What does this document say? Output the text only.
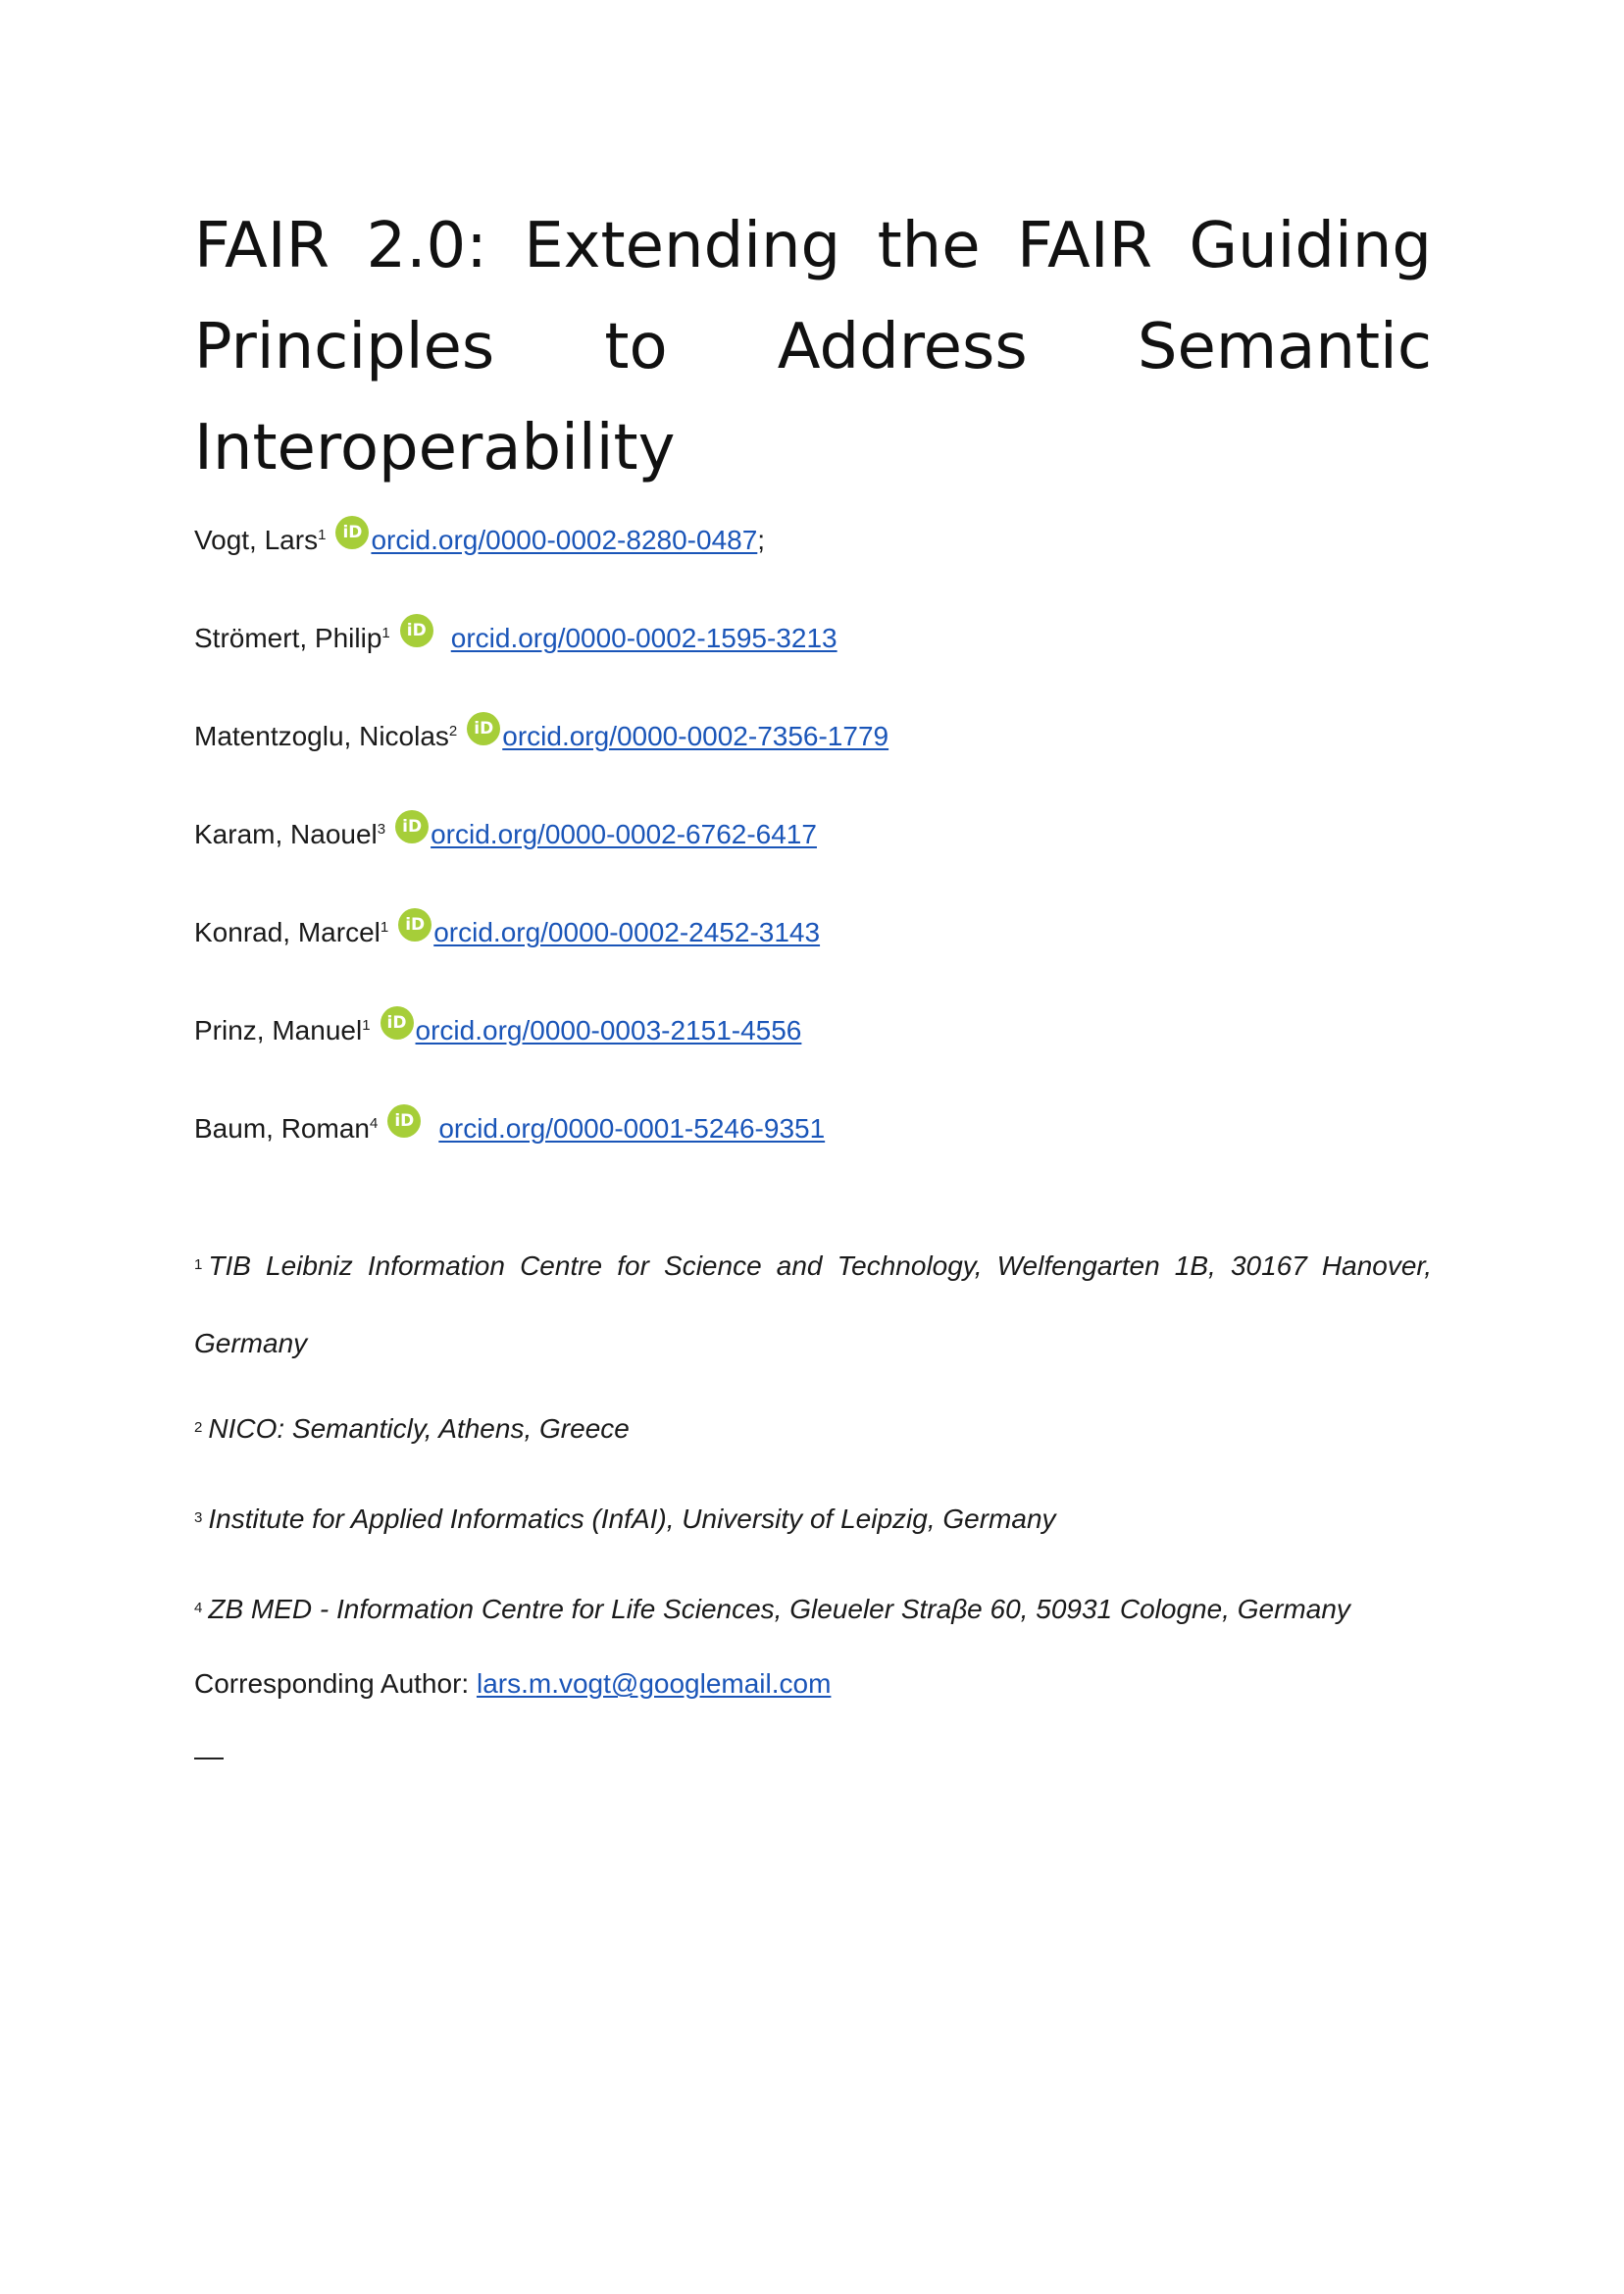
FAIR 2.0: Extending the FAIR Guiding Principles to Address Semantic Interoperability
Vogt, Lars$^1$	iD orcid.org/0000-0002-8280-0487 ;
Strömert, Philip$^1$	iD orcid.org/0000-0002-1595-3213
Matentzoglu, Nicolas$^2$	iD orcid.org/0000-0002-7356-1779
Karam, Naouel$^3$	iD orcid.org/0000-0002-6762-6417
Konrad, Marcel$^1$	iD orcid.org/0000-0002-2452-3143
Prinz, Manuel$^1$	iD orcid.org/0000-0003-2151-4556
Baum, Roman$^4$	iD orcid.org/0000-0001-5246-9351
$^1$ TIB Leibniz Information Centre for Science and Technology, Welfengarten 1B, 30167 Hanover, Germany
$^2$ NICO: Semanticly, Athens, Greece
$^3$ Institute for Applied Informatics (InfAI), University of Leipzig, Germany
$^4$ ZB MED - Information Centre for Life Sciences, Gleueler Straβe 60, 50931 Cologne, Germany
Corresponding Author: lars.m.vogt@googlemail.com
